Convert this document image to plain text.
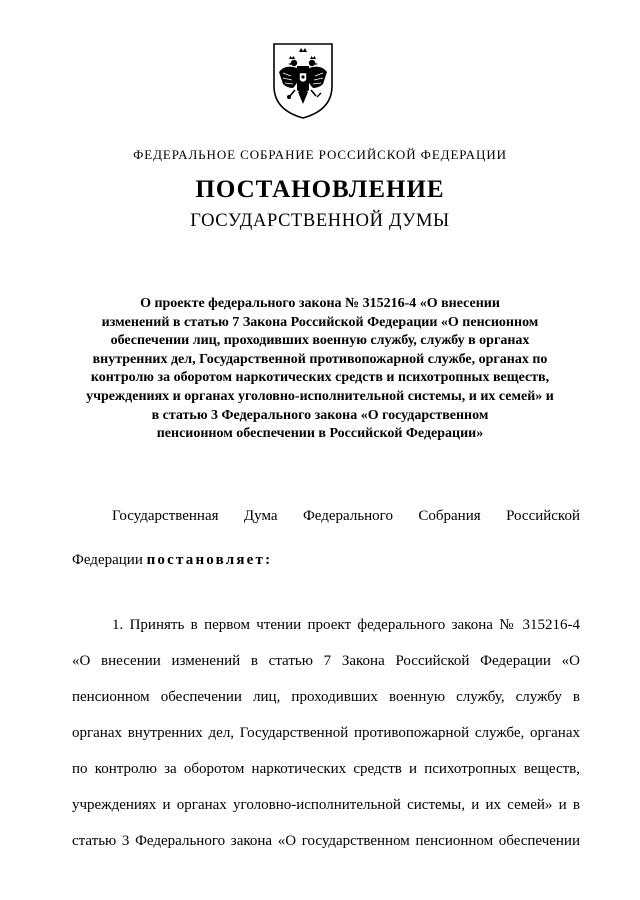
ФЕДЕРАЛЬНОЕ СОБРАНИЕ РОССИЙСКОЙ ФЕДЕРАЦИИ
ПОСТАНОВЛЕНИЕ
ГОСУДАРСТВЕННОЙ ДУМЫ
О проекте федерального закона № 315216-4 «О внесении
изменений в статью 7 Закона Российской Федерации «О пенсионном
обеспечении лиц, проходивших военную службу, службу в органах
внутренних дел, Государственной противопожарной службе, органах по
контролю за оборотом наркотических средств и психотропных веществ,
учреждениях и органах уголовно-исполнительной системы, и их семей» и
в статью 3 Федерального закона «О государственном
пенсионном обеспечении в Российской Федерации»
Государственная Дума Федерального Собрания Российской
Федерации постановляет:
1. Принять в первом чтении проект федерального закона № 315216-4
«О внесении изменений в статью 7 Закона Российской Федерации «О
пенсионном обеспечении лиц, проходивших военную службу, службу в
органах внутренних дел, Государственной противопожарной службе, органах
по контролю за оборотом наркотических средств и психотропных веществ,
учреждениях и органах уголовно-исполнительной системы, и их семей» и в
статью 3 Федерального закона «О государственном пенсионном обеспечении
